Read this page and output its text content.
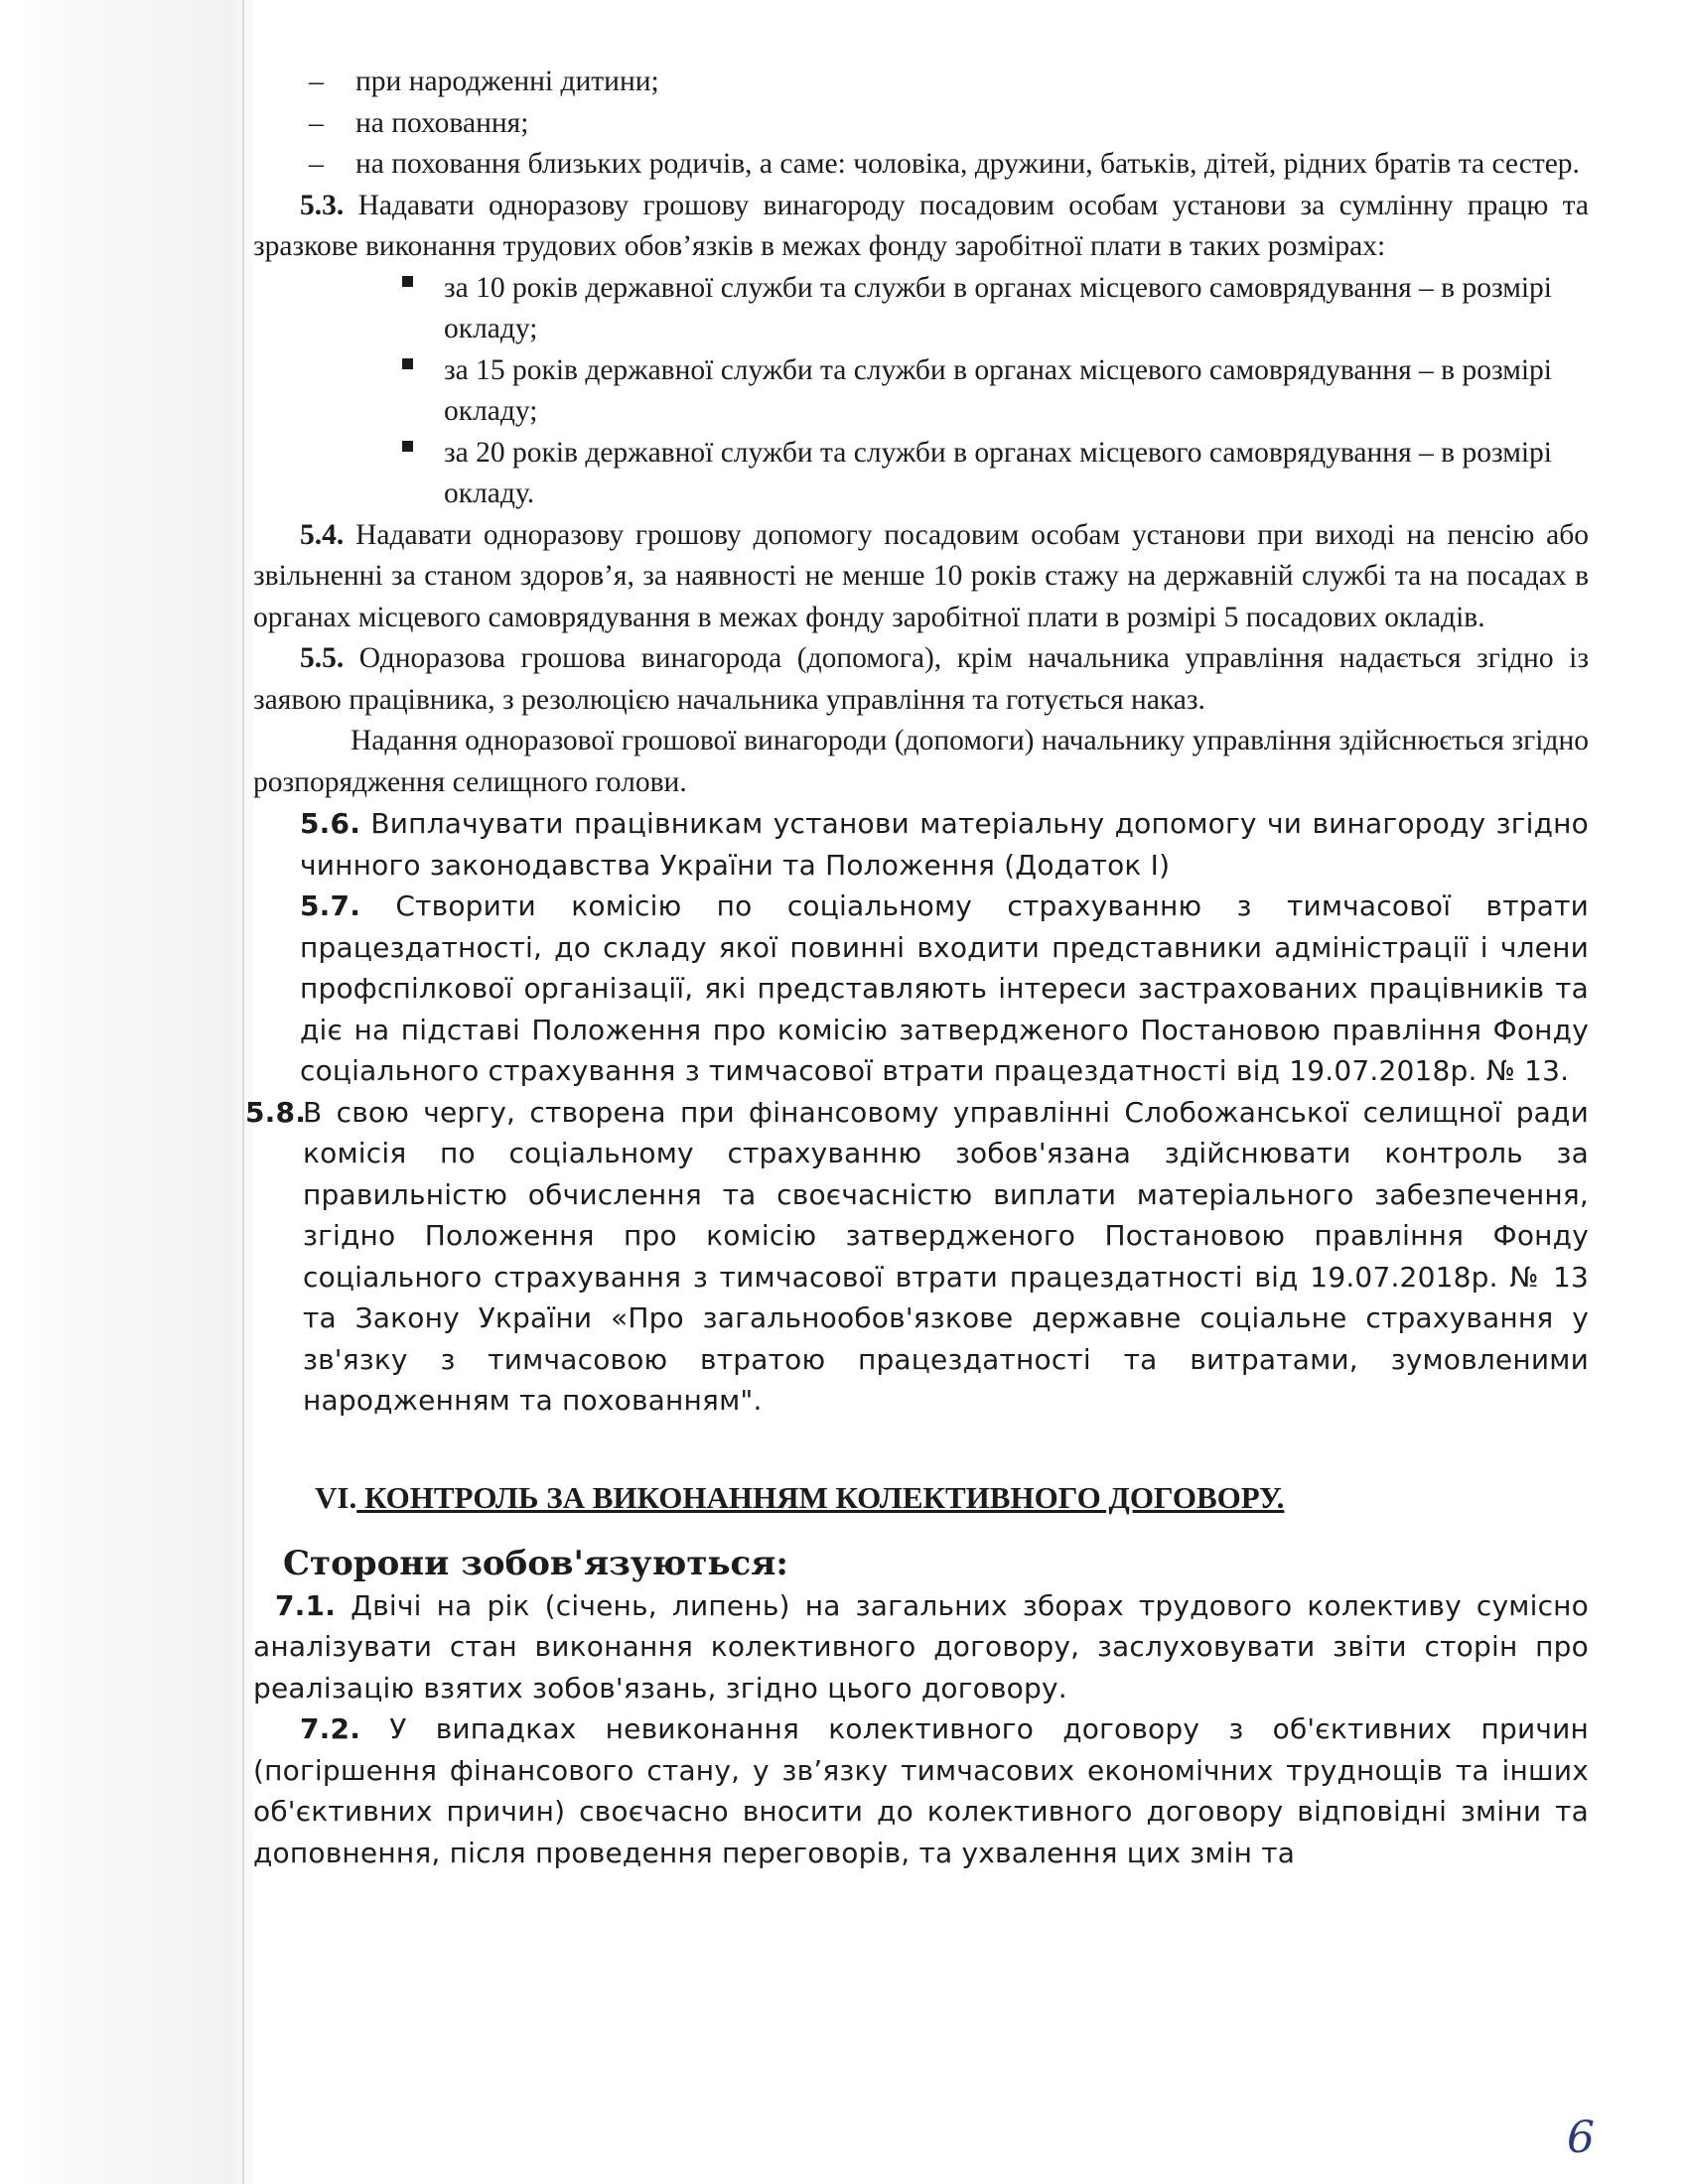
– при народженні дитини;
– на поховання;
– на поховання близьких родичів, а саме: чоловіка, дружини, батьків, дітей, рідних братів та сестер.
5.3. Надавати одноразову грошову винагороду посадовим особам установи за сумлінну працю та зразкове виконання трудових обов’язків в межах фонду заробітної плати в таких розмірах:
за 10 років державної служби та служби в органах місцевого самоврядування – в розмірі окладу;
за 15 років державної служби та служби в органах місцевого самоврядування – в розмірі окладу;
за 20 років державної служби та служби в органах місцевого самоврядування – в розмірі окладу.
5.4. Надавати одноразову грошову допомогу посадовим особам установи при виході на пенсію або звільненні за станом здоров’я, за наявності не менше 10 років стажу на державній службі та на посадах в органах місцевого самоврядування в межах фонду заробітної плати в розмірі 5 посадових окладів.
5.5. Одноразова грошова винагорода (допомога), крім начальника управління надається згідно із заявою працівника, з резолюцією начальника управління та готується наказ.
Надання одноразової грошової винагороди (допомоги) начальнику управління здійснюється згідно розпорядження селищного голови.
5.6. Виплачувати працівникам установи матеріальну допомогу чи винагороду згідно чинного законодавства України та Положення (Додаток І)
5.7. Створити комісію по соціальному страхуванню з тимчасової втрати працездатності, до складу якої повинні входити представники адміністрації і члени профспілкової організації, які представляють інтереси застрахованих працівників та діє на підставі Положення про комісію затвердженого Постановою правління Фонду соціального страхування з тимчасової втрати працездатності від 19.07.2018р. № 13.
5.8.
В свою чергу, створена при фінансовому управлінні Слобожанської селищної ради комісія по соціальному страхуванню зобов'язана здійснювати контроль за правильністю обчислення та своєчасністю виплати матеріального забезпечення, згідно Положення про комісію затвердженого Постановою правління Фонду соціального страхування з тимчасової втрати працездатності від 19.07.2018р. № 13 та Закону України «Про загальнообов'язкове державне соціальне страхування у зв'язку з тимчасовою втратою працездатності та витратами, зумовленими народженням та похованням".
VI. КОНТРОЛЬ ЗА ВИКОНАННЯМ КОЛЕКТИВНОГО ДОГОВОРУ.
Сторони зобов'язуються:
7.1. Двічі на рік (січень, липень) на загальних зборах трудового колективу сумісно аналізувати стан виконання колективного договору, заслуховувати звіти сторін про реалізацію взятих зобов'язань, згідно цього договору.
7.2. У випадках невиконання колективного договору з об'єктивних причин (погіршення фінансового стану, у зв’язку тимчасових економічних труднощів та інших об'єктивних причин) своєчасно вносити до колективного договору відповідні зміни та доповнення, після проведення переговорів, та ухвалення цих змін та
6
